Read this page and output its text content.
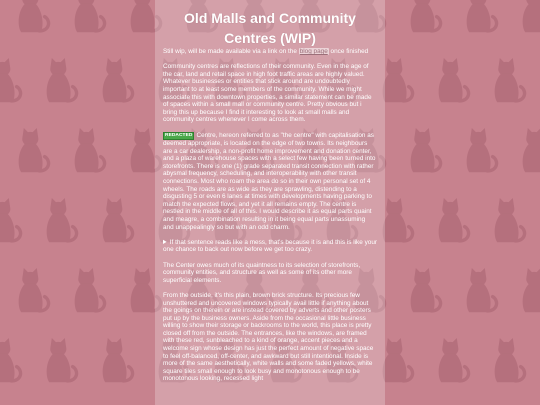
Old Malls and Community Centres (WIP)

Still wip, will be made available via a link on the blog page once finished

Community centres are reflections of their community. Even in the age of the car, land and retail space in high foot traffic areas are highly valued. Whatever businesses or entities that stick around are undoubtedly important to at least some members of the community. While we might associate this with downtown properties, a similar statement can be made of spaces within a small mall or community centre. Pretty obvious but i bring this up because I find it interesting to look at small malls and community centres whenever I come across them.

REDACTED Centre, hereon referred to as "the centre" with capitalisation as deemed appropriate, is located on the edge of two towns. Its neighbours are a car dealership, a non-profit home improvement and donation center, and a plaza of warehouse spaces with a select few having been turned into storefronts. There is one (1) grade separated transit connection with rather abysmal frequency, scheduling, and interoperability with other transit connections. Most who roam the area do so in their own personal set of 4 wheels. The roads are as wide as they are sprawling, distending to a disgusting 5 or even 6 lanes at times with developments having parking to match the expected flows, and yet it all remains empty. The centre is nestled in the middle of all of this. I would describe it as equal parts quaint and meagre, a combination resulting in it being equal parts unassuming and unappealingly so but with an odd charm.

If that sentence reads like a mess, that's because it is and this is like your one chance to back out now before we get too crazy.

The Center owes much of its quaintness to its selection of storefronts, community entities, and structure as well as some of its other more superficial elements.

From the outside, it's this plain, brown brick structure. Its precious few unshuttered and uncovered windows typically avail little if anything about the goings on therein or are instead covered by adverts and other posters put up by the business owners. Aside from the occasional little business willing to show their storage or backrooms to the world, this place is pretty closed off from the outside. The entrances, like the windows, are framed with these red, sunbleached to a kind of orange, accent pieces and a welcome sign whose design has just the perfect amount of negative space to feel off-balanced, off-center, and awkward but still intentional. Inside is more of the same aesthetically, white walls and some faded yellows, white square tiles small enough to look busy and monotonous enough to be monotonous looking, recessed light
